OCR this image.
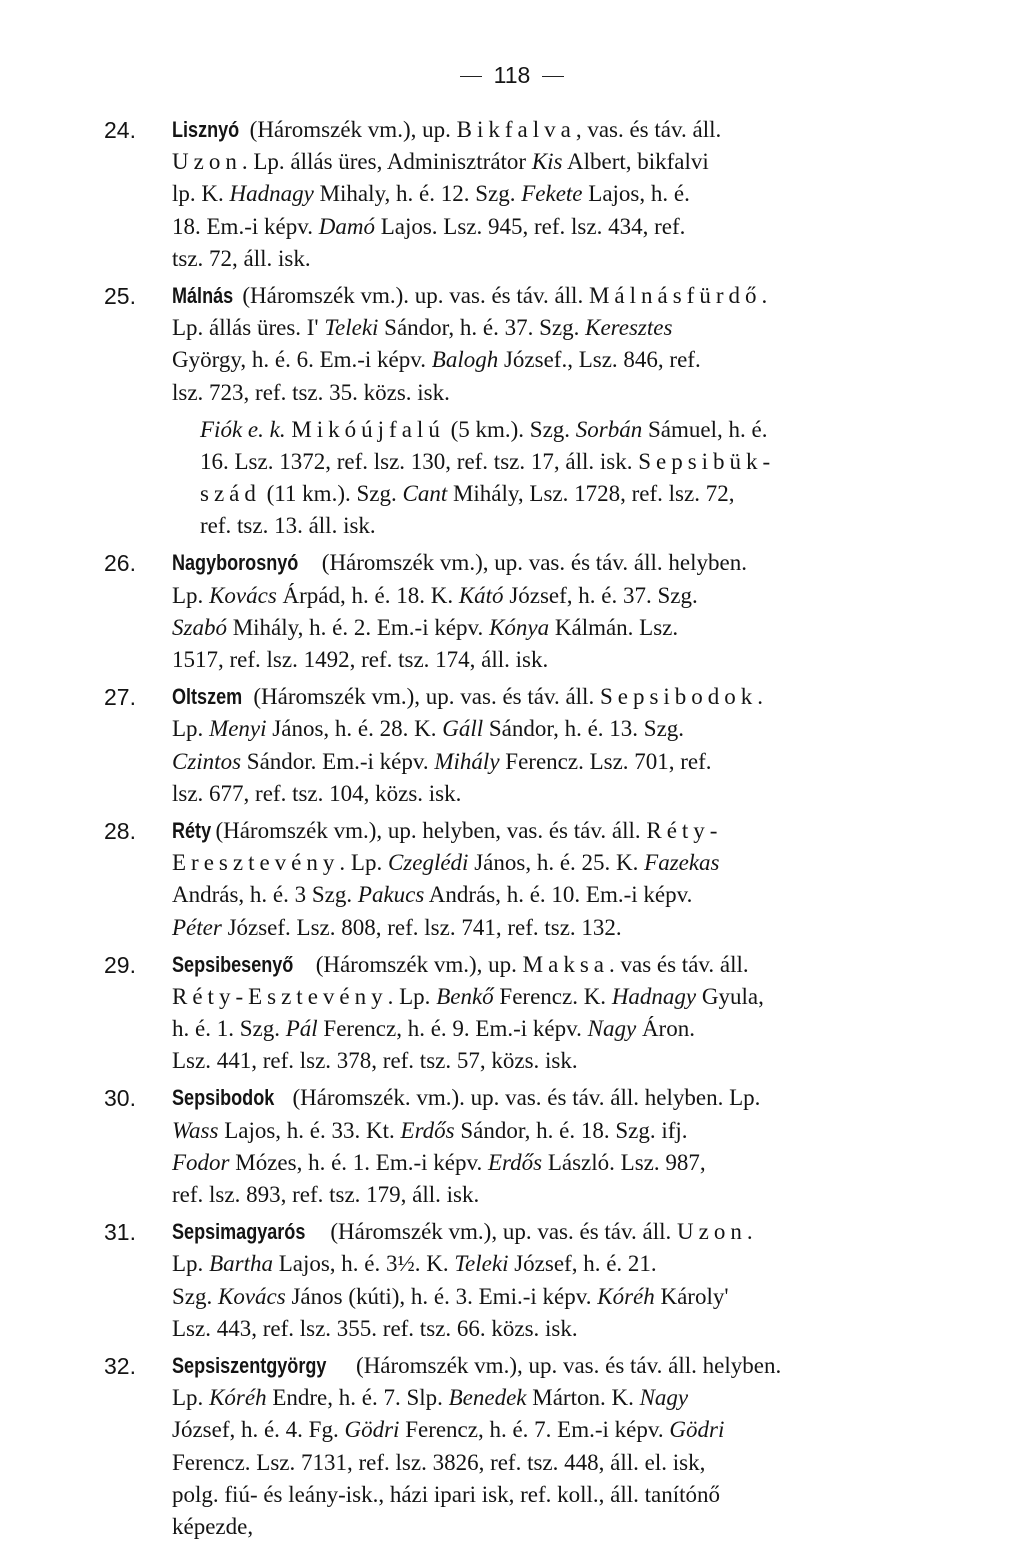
118
24. Lisznyó (Háromszék vm.), up. Bikfalva, vas. és táv. áll.
Uzon. Lp. állás üres, Adminisztrátor Kis Albert, bikfalvi
lp. K. Hadnagy Mihaly, h. é. 12. Szg. Fekete Lajos, h. é.
18. Em.-i képv. Damó Lajos. Lsz. 945, ref. lsz. 434, ref.
tsz. 72, áll. isk.
25. Málnás (Háromszék vm.). up. vas. és táv. áll. Málnásfürdő.
Lp. állás üres. I' Teleki Sándor, h. é. 37. Szg. Keresztes
György, h. é. 6. Em.-i képv. Balogh József., Lsz. 846, ref.
lsz. 723, ref. tsz. 35. közs. isk.
Fiók e. k. Mikóújfalú (5 km.). Szg. Sorbán Sámuel, h. é.
16. Lsz. 1372, ref. lsz. 130, ref. tsz. 17, áll. isk. Sepsibük-
szád (11 km.). Szg. Cant Mihály, Lsz. 1728, ref. lsz. 72,
ref. tsz. 13. áll. isk.
26. Nagyborosnyó (Háromszék vm.), up. vas. és táv. áll. helyben.
Lp. Kovács Árpád, h. é. 18. K. Kátó József, h. é. 37. Szg.
Szabó Mihály, h. é. 2. Em.-i képv. Kónya Kálmán. Lsz.
1517, ref. lsz. 1492, ref. tsz. 174, áll. isk.
27. Oltszem (Háromszék vm.), up. vas. és táv. áll. Sepsibodok.
Lp. Menyi János, h. é. 28. K. Gáll Sándor, h. é. 13. Szg.
Czintos Sándor. Em.-i képv. Mihály Ferencz. Lsz. 701, ref.
lsz. 677, ref. tsz. 104, közs. isk.
28. Réty (Háromszék vm.), up. helyben, vas. és táv. áll. Réty-
Eresztevény. Lp. Czeglédi János, h. é. 25. K. Fazekas
András, h. é. 3 Szg. Pakucs András, h. é. 10. Em.-i képv.
Péter József. Lsz. 808, ref. lsz. 741, ref. tsz. 132.
29. Sepsibesenyő (Háromszék vm.), up. Maksa. vas és táv. áll.
Réty-Esztevény. Lp. Benkő Ferencz. K. Hadnagy Gyula,
h. é. 1. Szg. Pál Ferencz, h. é. 9. Em.-i képv. Nagy Áron.
Lsz. 441, ref. lsz. 378, ref. tsz. 57, közs. isk.
30. Sepsibodok (Háromszék. vm.). up. vas. és táv. áll. helyben. Lp.
Wass Lajos, h. é. 33. Kt. Erdős Sándor, h. é. 18. Szg. ifj.
Fodor Mózes, h. é. 1. Em.-i képv. Erdős László. Lsz. 987,
ref. lsz. 893, ref. tsz. 179, áll. isk.
31. Sepsimagyarós (Háromszék vm.), up. vas. és táv. áll. Uzon.
Lp. Bartha Lajos, h. é. 3½. K. Teleki József, h. é. 21.
Szg. Kovács János (kúti), h. é. 3. Emi.-i képv. Kóréh Károly'
Lsz. 443, ref. lsz. 355. ref. tsz. 66. közs. isk.
32. Sepsiszentgyörgy (Háromszék vm.), up. vas. és táv. áll. helyben.
Lp. Kóréh Endre, h. é. 7. Slp. Benedek Márton. K. Nagy
József, h. é. 4. Fg. Gödri Ferencz, h. é. 7. Em.-i képv. Gödri
Ferencz. Lsz. 7131, ref. lsz. 3826, ref. tsz. 448, áll. el. isk,
polg. fiú- és leány-isk., házi ipari isk, ref. koll., áll. tanítónő
képezde,
